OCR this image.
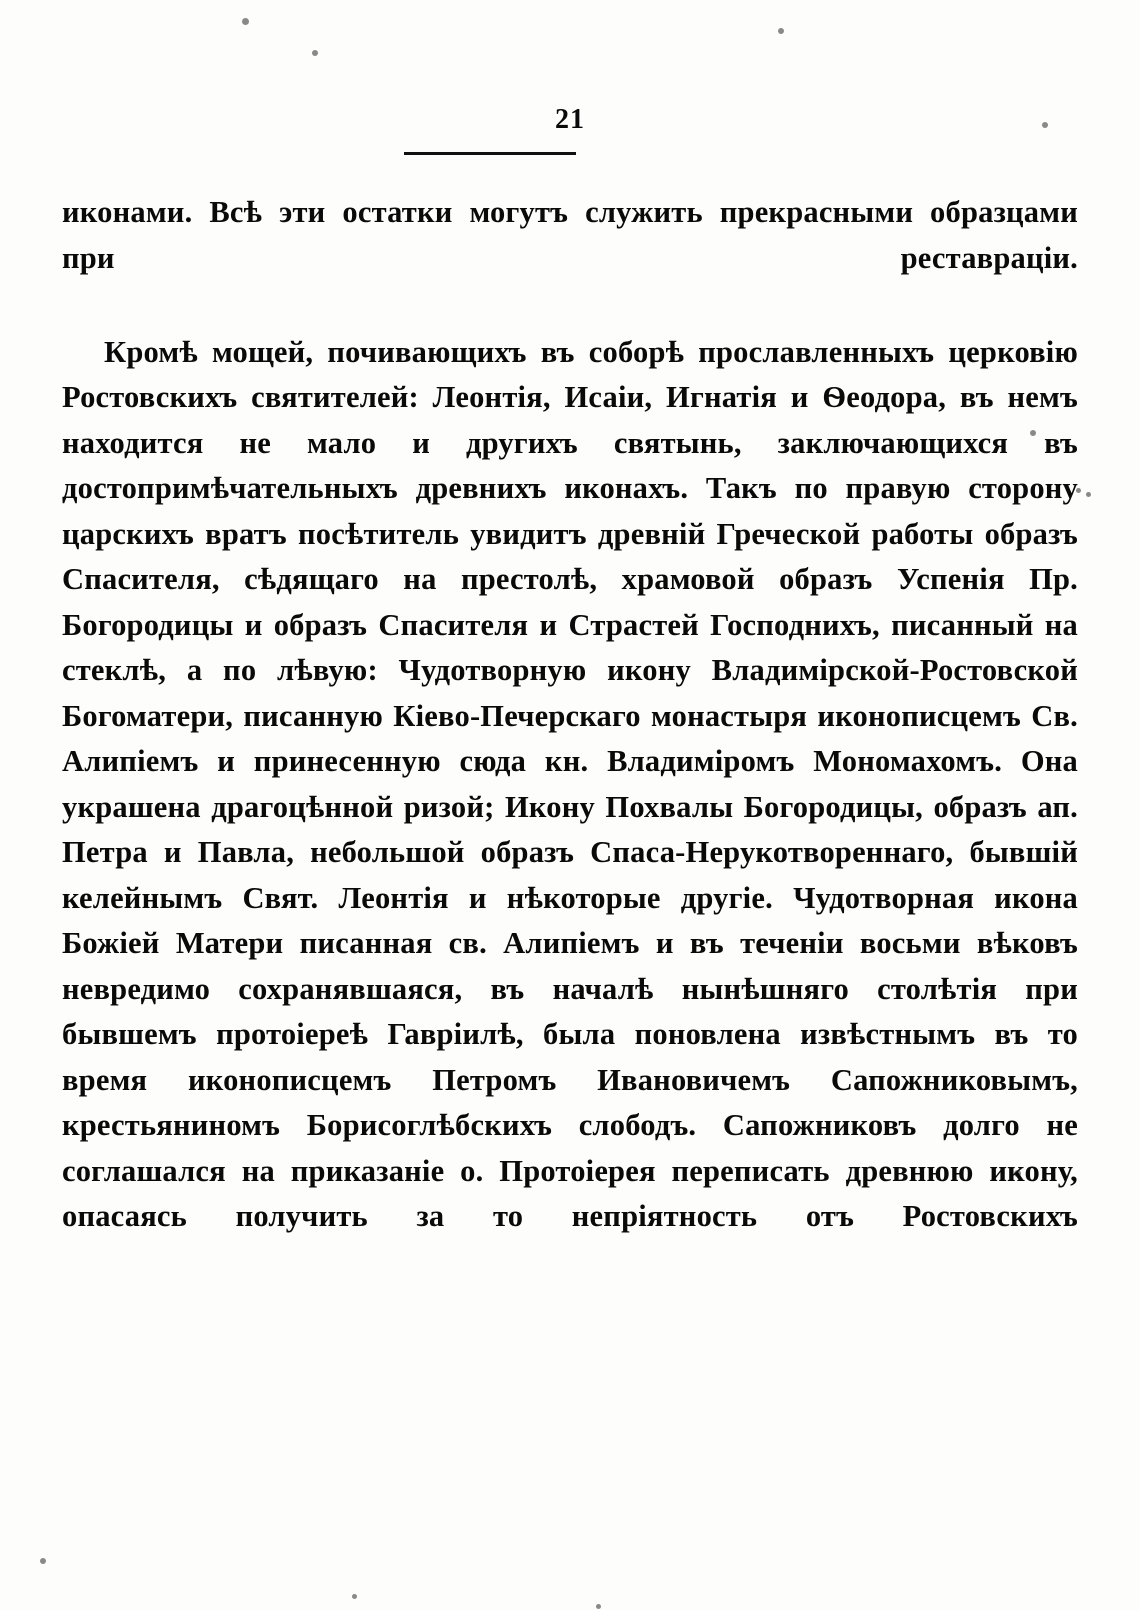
21

иконами. Всѣ эти остатки могутъ служить прекрасными образцами при реставраціи.

Кромѣ мощей, почивающихъ въ соборѣ прославленныхъ церковію Ростовскихъ святителей: Леонтія, Исаіи, Игнатія и Ѳеодора, въ немъ находится не мало и другихъ святынь, заключающихся въ достопримѣчательныхъ древнихъ иконахъ. Такъ по правую сторону царскихъ вратъ посѣтитель увидитъ древній Греческой работы образъ Спасителя, сѣдящаго на престолѣ, храмовой образъ Успенія Пр. Богородицы и образъ Спасителя и Страстей Господнихъ, писанный на стеклѣ, а по лѣвую: Чудотворную икону Владимірской-Ростовской Богоматери, писанную Кіево-Печерскаго монастыря иконописцемъ Св. Алипіемъ и принесенную сюда кн. Владиміромъ Мономахомъ. Она украшена драгоцѣнной ризой; Икону Похвалы Богородицы, образъ ап. Петра и Павла, небольшой образъ Спаса-Нерукотвореннаго, бывшій келейнымъ Свят. Леонтія и нѣкоторые другіе. Чудотворная икона Божіей Матери писанная св. Алипіемъ и въ теченіи восьми вѣковъ невредимо сохранявшаяся, въ началѣ нынѣшняго столѣтія при бывшемъ протоіереѣ Гавріилѣ, была поновлена извѣстнымъ въ то время иконописцемъ Петромъ Ивановичемъ Сапожниковымъ, крестьяниномъ Борисоглѣбскихъ слободъ. Сапожниковъ долго не соглашался на приказаніе о. Протоіерея переписать древнюю икону, опасаясь получить за то непріятность отъ Ростовскихъ
